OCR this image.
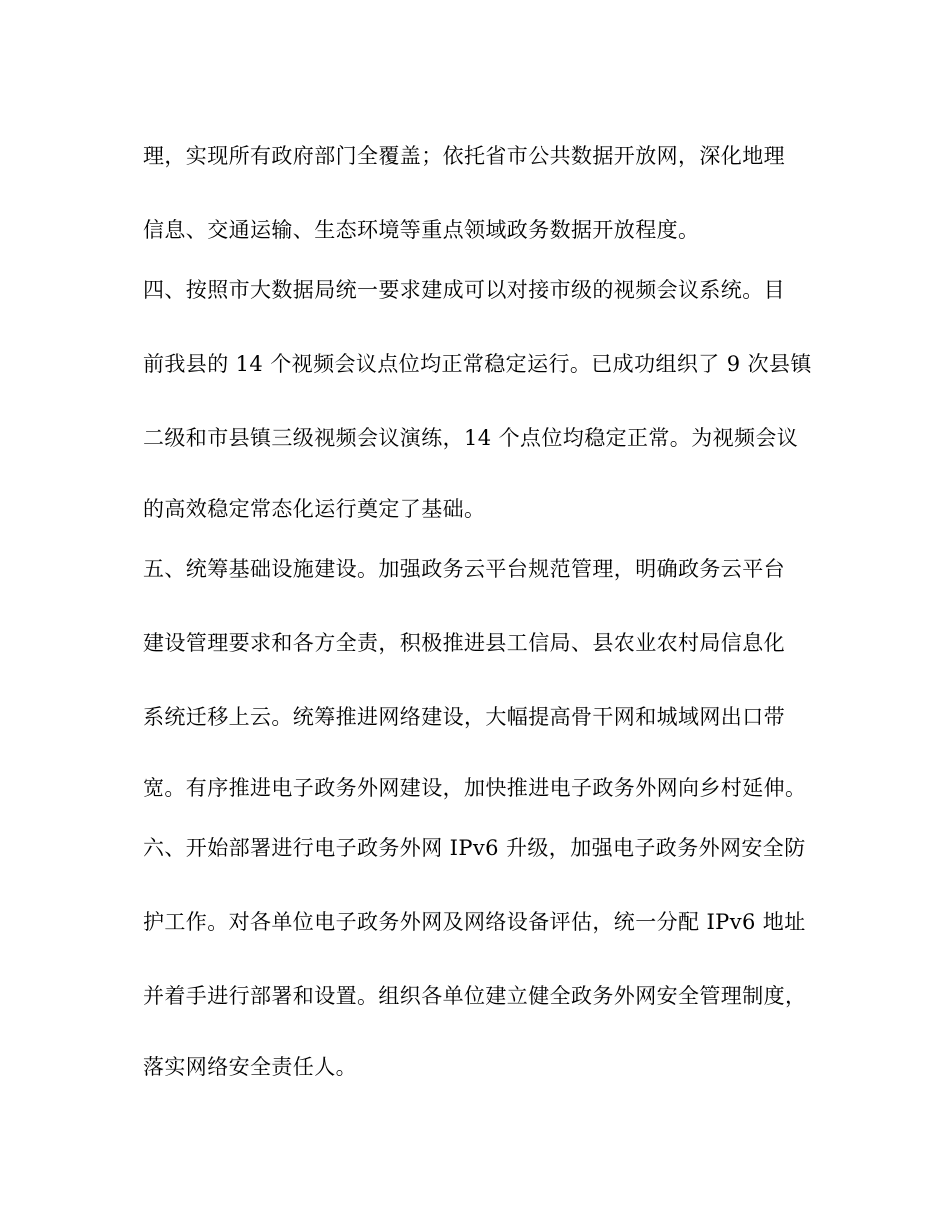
理，实现所有政府部门全覆盖；依托省市公共数据开放网，深化地理
信息、交通运输、生态环境等重点领域政务数据开放程度。
四、按照市大数据局统一要求建成可以对接市级的视频会议系统。目
前我县的 14 个视频会议点位均正常稳定运行。已成功组织了 9 次县镇
二级和市县镇三级视频会议演练，14 个点位均稳定正常。为视频会议
的高效稳定常态化运行奠定了基础。
五、统筹基础设施建设。加强政务云平台规范管理，明确政务云平台
建设管理要求和各方全责，积极推进县工信局、县农业农村局信息化
系统迁移上云。统筹推进网络建设，大幅提高骨干网和城域网出口带
宽。有序推进电子政务外网建设，加快推进电子政务外网向乡村延伸。
六、开始部署进行电子政务外网 IPv6 升级，加强电子政务外网安全防
护工作。对各单位电子政务外网及网络设备评估，统一分配 IPv6 地址
并着手进行部署和设置。组织各单位建立健全政务外网安全管理制度，
落实网络安全责任人。
